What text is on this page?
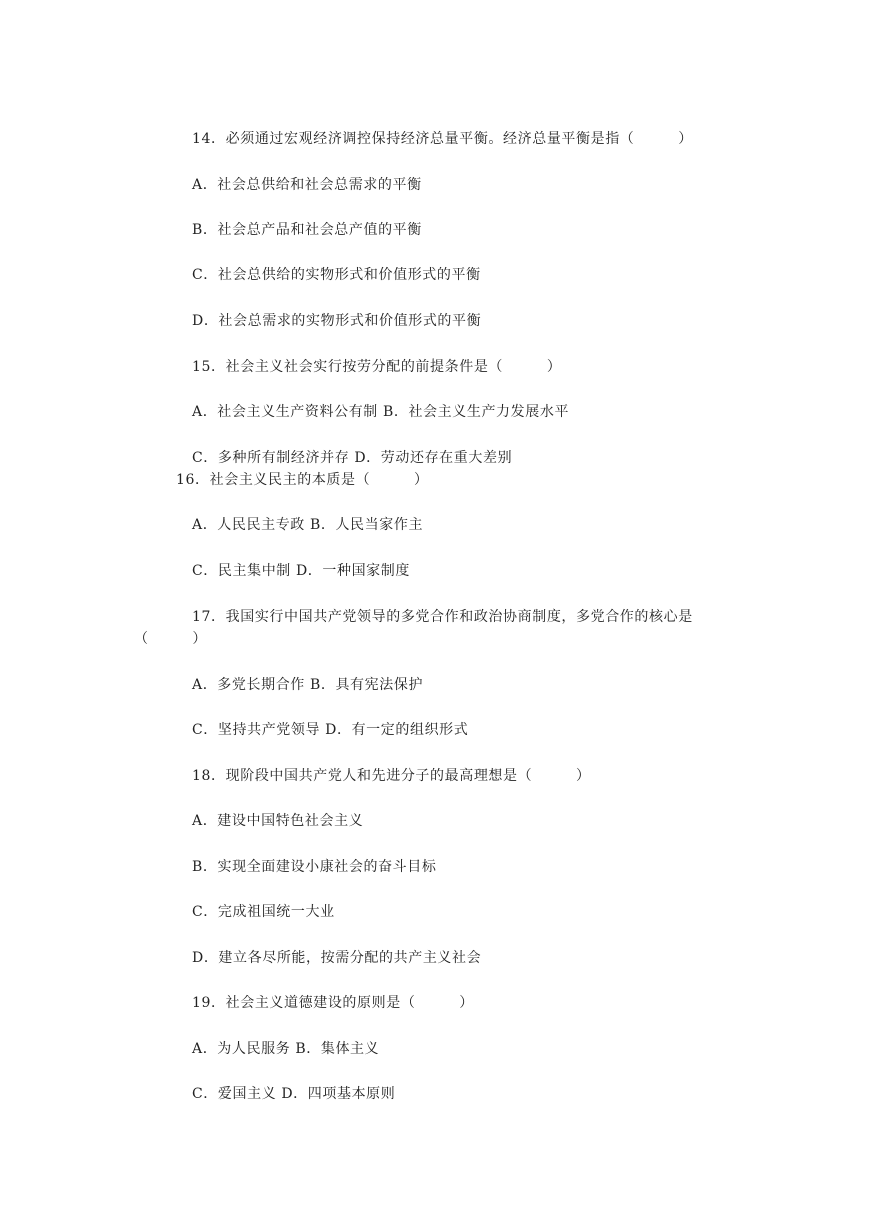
14．必须通过宏观经济调控保持经济总量平衡。经济总量平衡是指（　　　）
A．社会总供给和社会总需求的平衡
B．社会总产品和社会总产值的平衡
C．社会总供给的实物形式和价值形式的平衡
D．社会总需求的实物形式和价值形式的平衡
15．社会主义社会实行按劳分配的前提条件是（　　　）
A．社会主义生产资料公有制 B．社会主义生产力发展水平
C．多种所有制经济并存 D．劳动还存在重大差别
16．社会主义民主的本质是（　　　）
A．人民民主专政 B．人民当家作主
C．民主集中制 D．一种国家制度
17．我国实行中国共产党领导的多党合作和政治协商制度，多党合作的核心是
（　　　）
A．多党长期合作 B．具有宪法保护
C．坚持共产党领导 D．有一定的组织形式
18．现阶段中国共产党人和先进分子的最高理想是（　　　）
A．建设中国特色社会主义
B．实现全面建设小康社会的奋斗目标
C．完成祖国统一大业
D．建立各尽所能，按需分配的共产主义社会
19．社会主义道德建设的原则是（　　　）
A．为人民服务 B．集体主义
C．爱国主义 D．四项基本原则
